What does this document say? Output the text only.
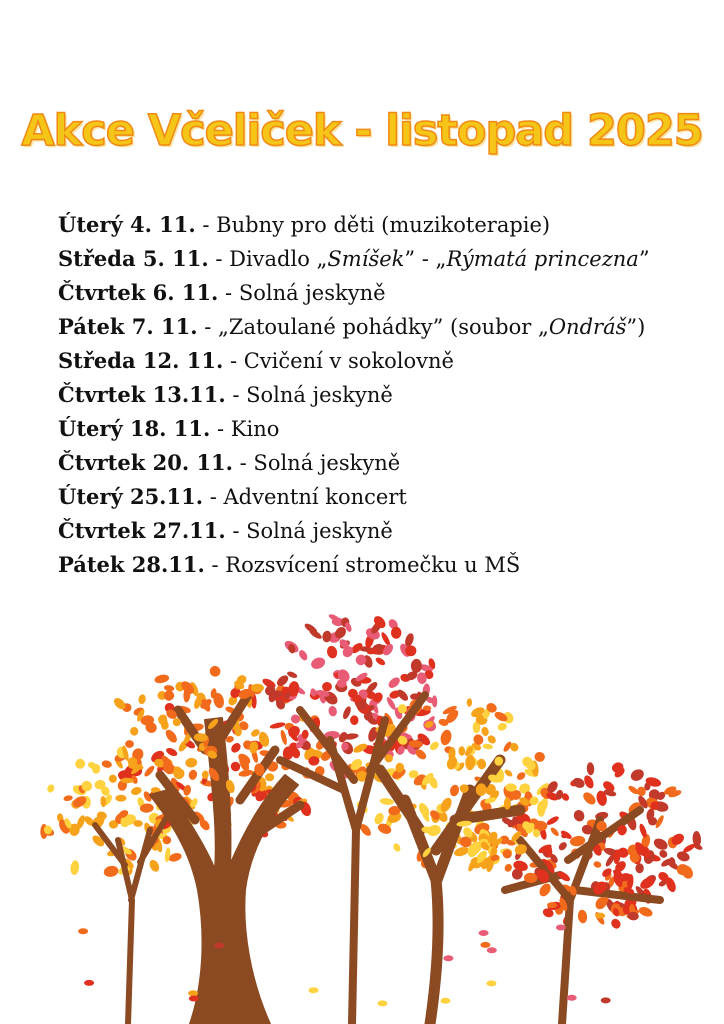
Akce Včeliček - listopad 2025
Úterý 4. 11. - Bubny pro děti (muzikoterapie)
Středa 5. 11. - Divadlo „Smíšek” - „Rýmatá princezna”
Čtvrtek 6. 11. - Solná jeskyně
Pátek 7. 11. - „Zatoulané pohádky” (soubor „Ondráš”)
Středa 12. 11. - Cvičení v sokolovně
Čtvrtek 13.11. - Solná jeskyně
Úterý 18. 11. - Kino
Čtvrtek 20. 11. - Solná jeskyně
Úterý 25.11. - Adventní koncert
Čtvrtek 27.11. - Solná jeskyně
Pátek 28.11. - Rozsvícení stromečku u MŠ
